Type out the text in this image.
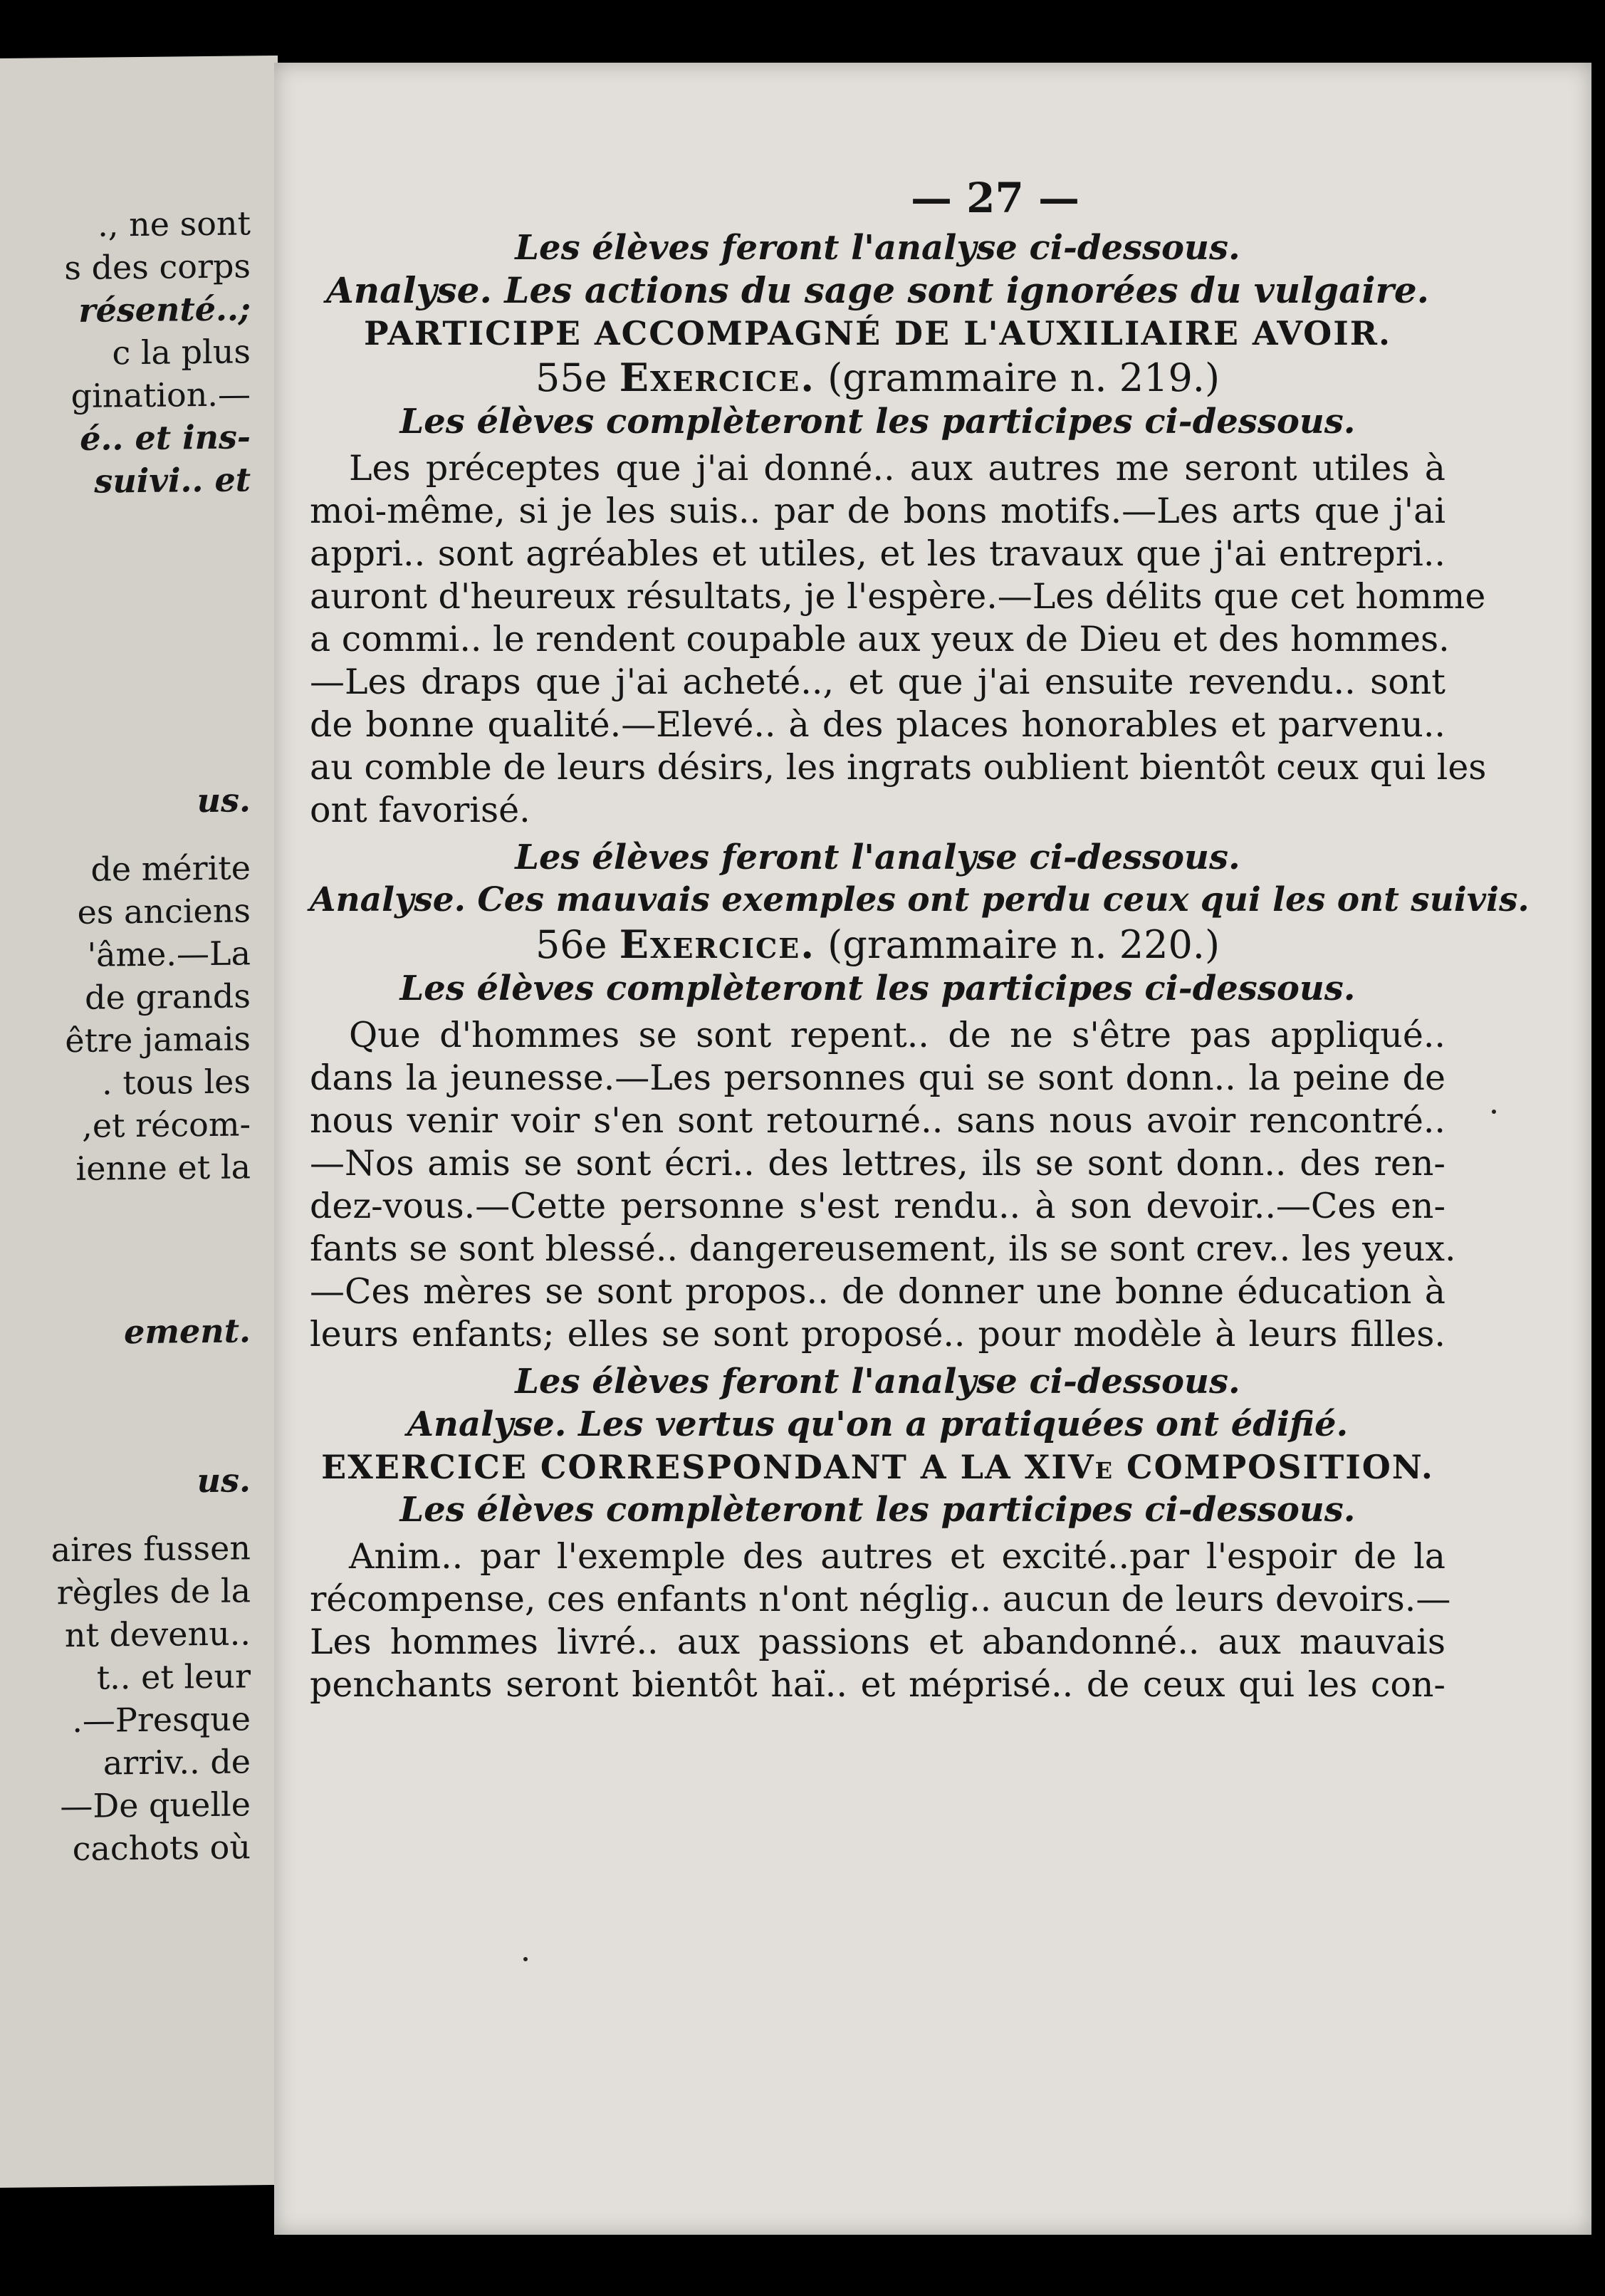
., ne sont
s des corps
résenté..;
c la plus
gination.—
é.. et ins-
suivi.. et
us.
de mérite
es anciens
'âme.—La
de grands
être jamais
. tous les
,et récom-
ienne et la
ement.
us.
aires fussen
règles de la
nt devenu..
t.. et leur
.—Presque
arriv.. de
—De quelle
cachots où
— 27 —
Les élèves feront l'analyse ci-dessous.
Analyse. Les actions du sage sont ignorées du vulgaire.
PARTICIPE ACCOMPAGNÉ DE L'AUXILIAIRE AVOIR.
55e Exercice. (grammaire n. 219.)
Les élèves complèteront les participes ci-dessous.
Les préceptes que j'ai donné.. aux autres me seront utiles à
moi-même, si je les suis.. par de bons motifs.—Les arts que j'ai
appri.. sont agréables et utiles, et les travaux que j'ai entrepri..
auront d'heureux résultats, je l'espère.—Les délits que cet homme
a commi.. le rendent coupable aux yeux de Dieu et des hommes.
—Les draps que j'ai acheté.., et que j'ai ensuite revendu.. sont
de bonne qualité.—Elevé.. à des places honorables et parvenu..
au comble de leurs désirs, les ingrats oublient bientôt ceux qui les
ont favorisé.
Les élèves feront l'analyse ci-dessous.
Analyse. Ces mauvais exemples ont perdu ceux qui les ont suivis.
56e Exercice. (grammaire n. 220.)
Les élèves complèteront les participes ci-dessous.
Que d'hommes se sont repent.. de ne s'être pas appliqué..
dans la jeunesse.—Les personnes qui se sont donn.. la peine de
nous venir voir s'en sont retourné.. sans nous avoir rencontré..
—Nos amis se sont écri.. des lettres, ils se sont donn.. des ren-
dez-vous.—Cette personne s'est rendu.. à son devoir..—Ces en-
fants se sont blessé.. dangereusement, ils se sont crev.. les yeux.
—Ces mères se sont propos.. de donner une bonne éducation à
leurs enfants; elles se sont proposé.. pour modèle à leurs filles.
Les élèves feront l'analyse ci-dessous.
Analyse. Les vertus qu'on a pratiquées ont édifié.
EXERCICE CORRESPONDANT A LA XIVe COMPOSITION.
Les élèves complèteront les participes ci-dessous.
Anim.. par l'exemple des autres et excité..par l'espoir de la
récompense, ces enfants n'ont néglig.. aucun de leurs devoirs.—
Les hommes livré.. aux passions et abandonné.. aux mauvais
penchants seront bientôt haï.. et méprisé.. de ceux qui les con-
